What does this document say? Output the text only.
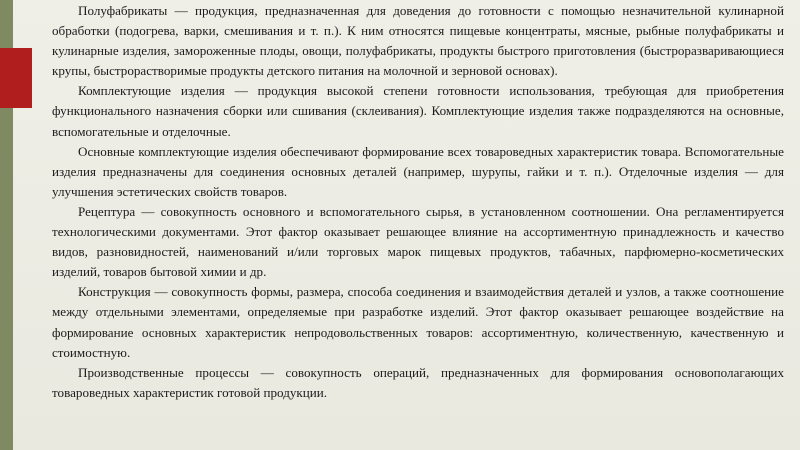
Полуфабрикаты — продукция, предназначенная для доведения до готовности с помощью незначительной кулинарной обработки (подогрева, варки, смешивания и т. п.). К ним относятся пищевые концентраты, мясные, рыбные полуфабрикаты и кулинарные изделия, замороженные плоды, овощи, полуфабрикаты, продукты быстрого приготовления (быстроразваривающиеся крупы, быстрорастворимые продукты детского питания на молочной и зерновой основах).

Комплектующие изделия — продукция высокой степени готовности использования, требующая для приобретения функционального назначения сборки или сшивания (склеивания). Комплектующие изделия также подразделяются на основные, вспомогательные и отделочные.

Основные комплектующие изделия обеспечивают формирование всех товароведных характеристик товара. Вспомогательные изделия предназначены для соединения основных деталей (например, шурупы, гайки и т. п.). Отделочные изделия — для улучшения эстетических свойств товаров.

Рецептура — совокупность основного и вспомогательного сырья, в установленном соотношении. Она регламентируется технологическими документами. Этот фактор оказывает решающее влияние на ассортиментную принадлежность и качество видов, разновидностей, наименований и/или торговых марок пищевых продуктов, табачных, парфюмерно-косметических изделий, товаров бытовой химии и др.

Конструкция — совокупность формы, размера, способа соединения и взаимодействия деталей и узлов, а также соотношение между отдельными элементами, определяемые при разработке изделий. Этот фактор оказывает решающее воздействие на формирование основных характеристик непродовольственных товаров: ассортиментную, количественную, качественную и стоимостную.

Производственные процессы — совокупность операций, предназначенных для формирования основополагающих товароведных характеристик готовой продукции.
